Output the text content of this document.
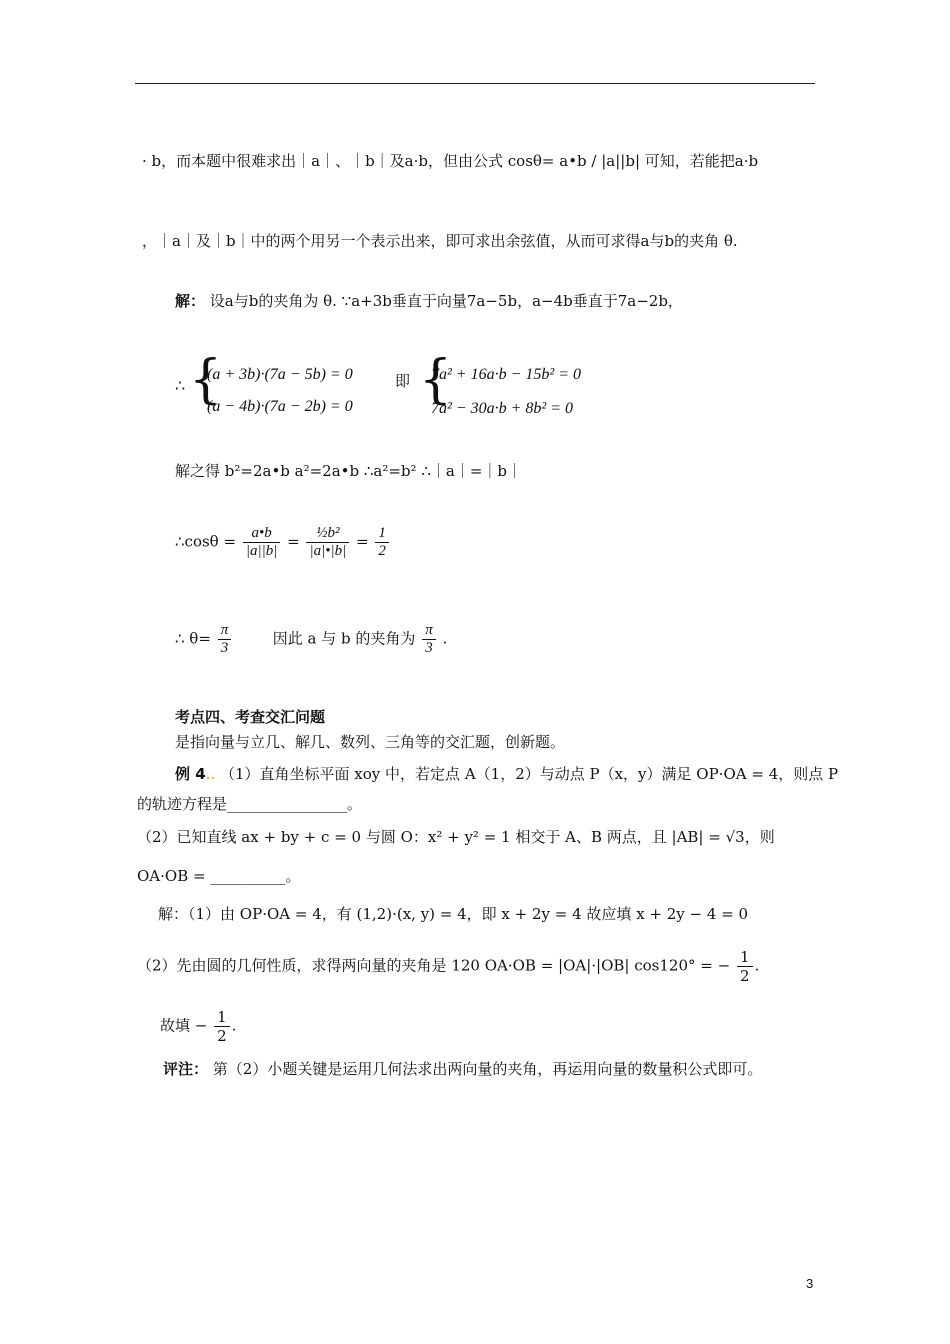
· b，而本题中很难求出｜a｜、｜b｜及a·b，但由公式 cosθ= a•b / |a||b| 可知，若能把a·b
，｜a｜及｜b｜中的两个用另一个表示出来，即可求出余弦值，从而可求得a与b的夹角 θ.
解： 设a与b的夹角为 θ. ∵a+3b垂直于向量7a−5b，a−4b垂直于7a−2b，
∴ {
(a + 3b)·(7a − 5b) = 0
(a − 4b)·(7a − 2b) = 0
即 {
7a² + 16a·b − 15b² = 0
7a² − 30a·b + 8b² = 0
解之得 b²=2a•b a²=2a•b ∴a²=b² ∴｜a｜=｜b｜
∴cosθ = $\frac{a•b}{|a||b|} = \frac{\text{½b²}}{|a|•|b|} = \frac{1}{2}$
∴ $\theta= \frac{\pi}{3}$	因此 a 与 b 的夹角为 $\frac{\pi}{3}$ .
考点四、考查交汇问题
是指向量与立几、解几、数列、三角等的交汇题，创新题。
例 4.. （1）直角坐标平面 xoy 中，若定点 A（1，2）与动点 P（x，y）满足 OP·OA = 4，则点 P
的轨迹方程是________________。
（2）已知直线 ax + by + c = 0 与圆 O：x² + y² = 1 相交于 A、B 两点，且 |AB| = √3，则
OA·OB = __________。
解：（1）由 OP·OA = 4，有 (1,2)·(x, y) = 4，即 x + 2y = 4 故应填 x + 2y − 4 = 0
（2）先由圆的几何性质，求得两向量的夹角是 120 OA·OB = |OA|·|OB| cos120° = − $\frac{1}{2}$ .
故填 − $\frac{1}{2}$ .
评注： 第（2）小题关键是运用几何法求出两向量的夹角，再运用向量的数量积公式即可。
3
